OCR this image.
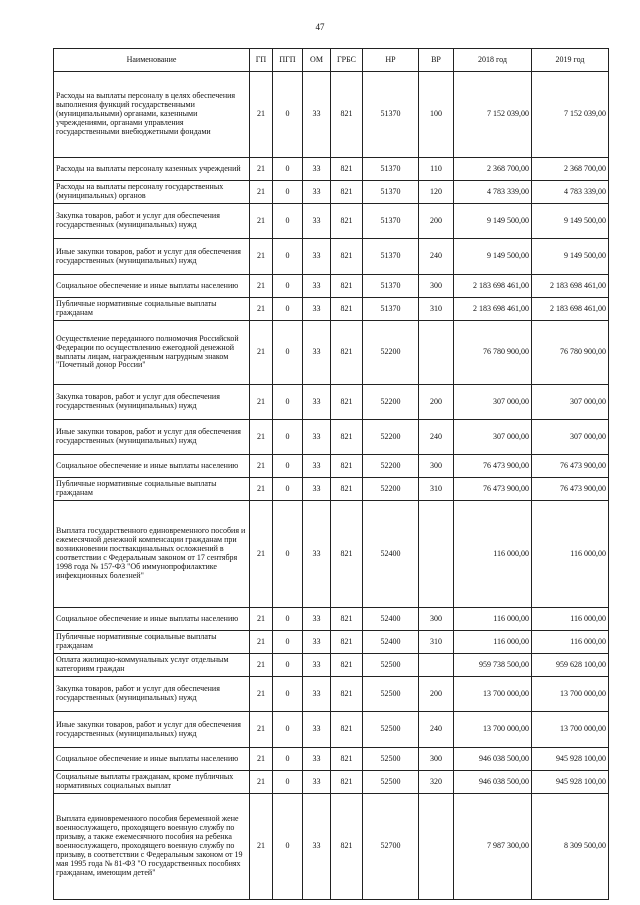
47
Наименование	ГП	ПГП	ОМ	ГРБС	НР	ВР	2018 год	2019 год
Расходы на выплаты персоналу в целях обеспечения выполнения функций государственными (муниципальными) органами, казенными учреждениями, органами управления государственными внебюджетными фондами	21	0	33	821	51370	100	7 152 039,00	7 152 039,00
Расходы на выплаты персоналу казенных учреждений	21	0	33	821	51370	110	2 368 700,00	2 368 700,00
Расходы на выплаты персоналу государственных (муниципальных) органов	21	0	33	821	51370	120	4 783 339,00	4 783 339,00
Закупка товаров, работ и услуг для обеспечения государственных (муниципальных) нужд	21	0	33	821	51370	200	9 149 500,00	9 149 500,00
Иные закупки товаров, работ и услуг для обеспечения государственных (муниципальных) нужд	21	0	33	821	51370	240	9 149 500,00	9 149 500,00
Социальное обеспечение и иные выплаты населению	21	0	33	821	51370	300	2 183 698 461,00	2 183 698 461,00
Публичные нормативные социальные выплаты гражданам	21	0	33	821	51370	310	2 183 698 461,00	2 183 698 461,00
Осуществление переданного полномочия Российской Федерации по осуществлению ежегодной денежной выплаты лицам, награжденным нагрудным знаком "Почетный донор России"	21	0	33	821	52200		76 780 900,00	76 780 900,00
Закупка товаров, работ и услуг для обеспечения государственных (муниципальных) нужд	21	0	33	821	52200	200	307 000,00	307 000,00
Иные закупки товаров, работ и услуг для обеспечения государственных (муниципальных) нужд	21	0	33	821	52200	240	307 000,00	307 000,00
Социальное обеспечение и иные выплаты населению	21	0	33	821	52200	300	76 473 900,00	76 473 900,00
Публичные нормативные социальные выплаты гражданам	21	0	33	821	52200	310	76 473 900,00	76 473 900,00
Выплата государственного единовременного пособия и ежемесячной денежной компенсации гражданам при возникновении поствакцинальных осложнений в соответствии с Федеральным законом от 17 сентября 1998 года № 157-ФЗ "Об иммунопрофилактике инфекционных болезней"	21	0	33	821	52400		116 000,00	116 000,00
Социальное обеспечение и иные выплаты населению	21	0	33	821	52400	300	116 000,00	116 000,00
Публичные нормативные социальные выплаты гражданам	21	0	33	821	52400	310	116 000,00	116 000,00
Оплата жилищно-коммунальных услуг отдельным категориям граждан	21	0	33	821	52500		959 738 500,00	959 628 100,00
Закупка товаров, работ и услуг для обеспечения государственных (муниципальных) нужд	21	0	33	821	52500	200	13 700 000,00	13 700 000,00
Иные закупки товаров, работ и услуг для обеспечения государственных (муниципальных) нужд	21	0	33	821	52500	240	13 700 000,00	13 700 000,00
Социальное обеспечение и иные выплаты населению	21	0	33	821	52500	300	946 038 500,00	945 928 100,00
Социальные выплаты гражданам, кроме публичных нормативных социальных выплат	21	0	33	821	52500	320	946 038 500,00	945 928 100,00
Выплата единовременного пособия беременной жене военнослужащего, проходящего военную службу по призыву, а также ежемесячного пособия на ребенка военнослужащего, проходящего военную службу по призыву, в соответствии с Федеральным законом от 19 мая 1995 года № 81-ФЗ "О государственных пособиях гражданам, имеющим детей"	21	0	33	821	52700		7 987 300,00	8 309 500,00
